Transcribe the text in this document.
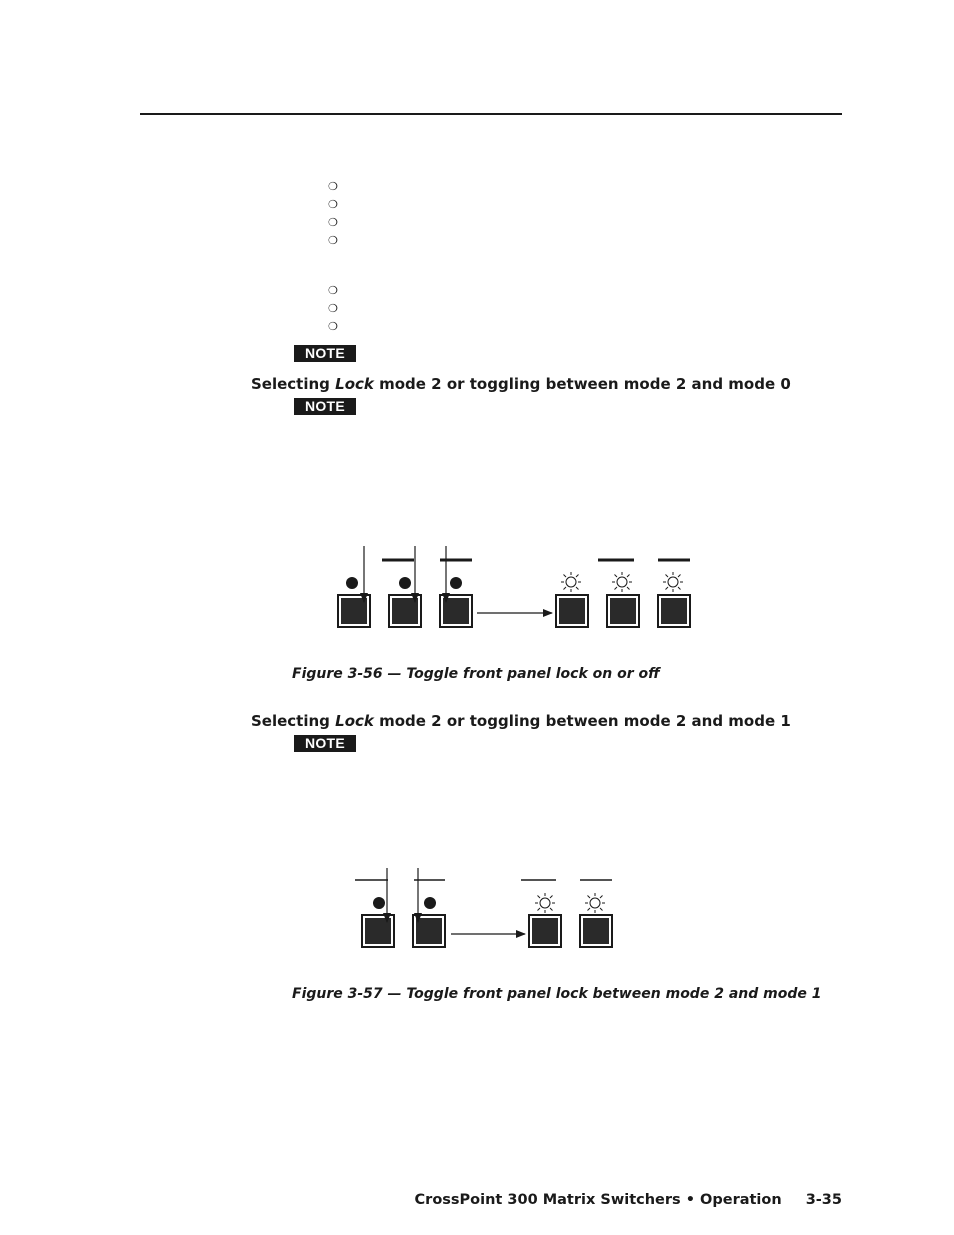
❍
❍
❍
❍
❍
❍
❍
NOTE
Selecting Lock mode 2 or toggling between mode 2 and mode 0
NOTE
Figure 3-56 — Toggle front panel lock on or off
Selecting Lock mode 2 or toggling between mode 2 and mode 1
NOTE
Figure 3-57 — Toggle front panel lock between mode 2 and mode 1
CrossPoint 300 Matrix Switchers • Operation 3-35
